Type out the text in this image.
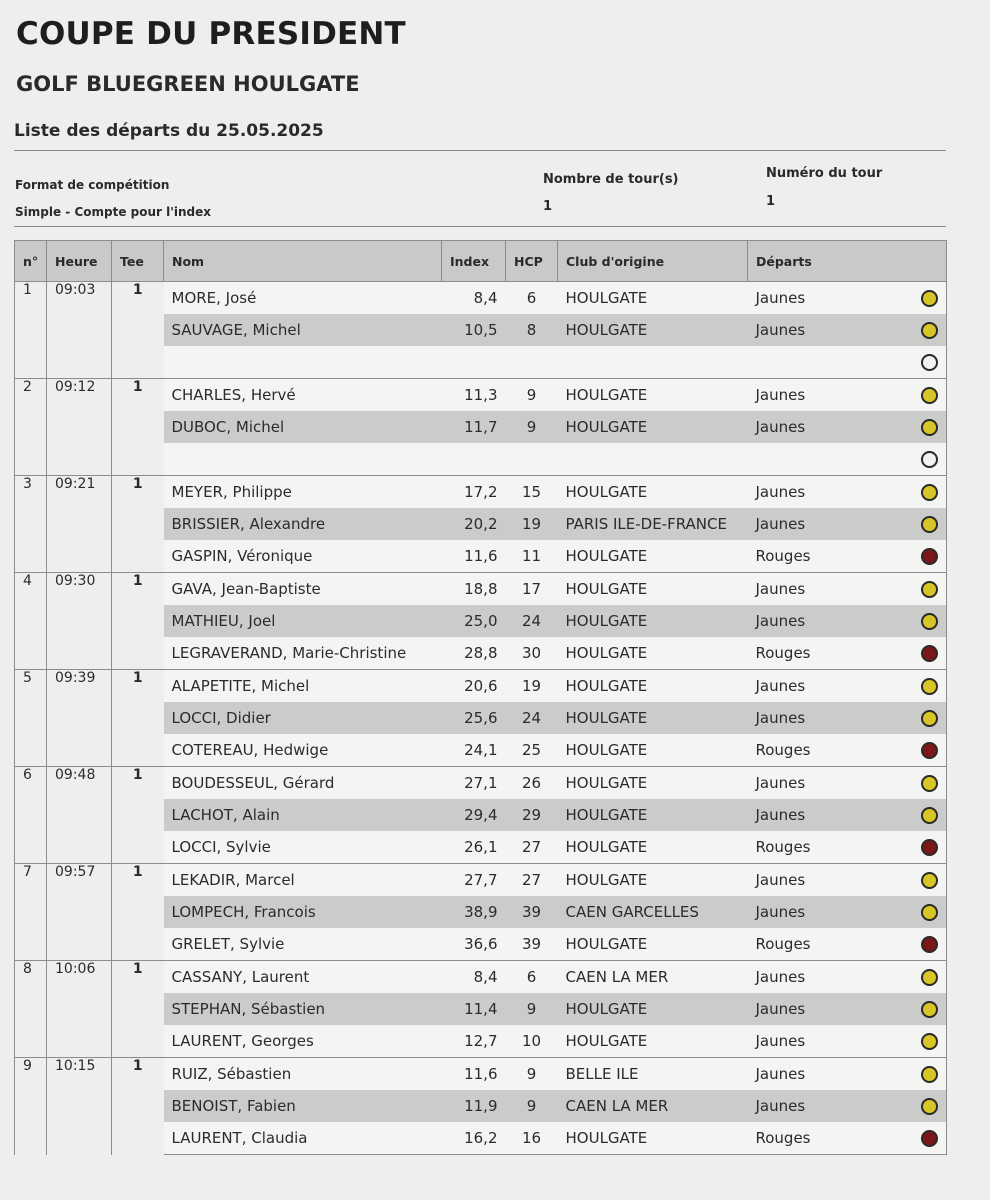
COUPE DU PRESIDENT
GOLF BLUEGREEN HOULGATE
Liste des départs du 25.05.2025
Format de compétition
Simple - Compte pour l'index
Nombre de tour(s)
1
Numéro du tour
1
n°	Heure	Tee	Nom	Index	HCP	Club d'origine	Départs	
1	09:03	1	MORE, José	8,4	6	HOULGATE	Jaunes	
			SAUVAGE, Michel	10,5	8	HOULGATE	Jaunes	

2	09:12	1	CHARLES, Hervé	11,3	9	HOULGATE	Jaunes	
			DUBOC, Michel	11,7	9	HOULGATE	Jaunes	

3	09:21	1	MEYER, Philippe	17,2	15	HOULGATE	Jaunes	
			BRISSIER, Alexandre	20,2	19	PARIS ILE-DE-FRANCE	Jaunes	
			GASPIN, Véronique	11,6	11	HOULGATE	Rouges	
4	09:30	1	GAVA, Jean-Baptiste	18,8	17	HOULGATE	Jaunes	
			MATHIEU, Joel	25,0	24	HOULGATE	Jaunes	
			LEGRAVERAND, Marie-Christine	28,8	30	HOULGATE	Rouges	
5	09:39	1	ALAPETITE, Michel	20,6	19	HOULGATE	Jaunes	
			LOCCI, Didier	25,6	24	HOULGATE	Jaunes	
			COTEREAU, Hedwige	24,1	25	HOULGATE	Rouges	
6	09:48	1	BOUDESSEUL, Gérard	27,1	26	HOULGATE	Jaunes	
			LACHOT, Alain	29,4	29	HOULGATE	Jaunes	
			LOCCI, Sylvie	26,1	27	HOULGATE	Rouges	
7	09:57	1	LEKADIR, Marcel	27,7	27	HOULGATE	Jaunes	
			LOMPECH, Francois	38,9	39	CAEN GARCELLES	Jaunes	
			GRELET, Sylvie	36,6	39	HOULGATE	Rouges	
8	10:06	1	CASSANY, Laurent	8,4	6	CAEN LA MER	Jaunes	
			STEPHAN, Sébastien	11,4	9	HOULGATE	Jaunes	
			LAURENT, Georges	12,7	10	HOULGATE	Jaunes	
9	10:15	1	RUIZ, Sébastien	11,6	9	BELLE ILE	Jaunes	
			BENOIST, Fabien	11,9	9	CAEN LA MER	Jaunes	
			LAURENT, Claudia	16,2	16	HOULGATE	Rouges	
